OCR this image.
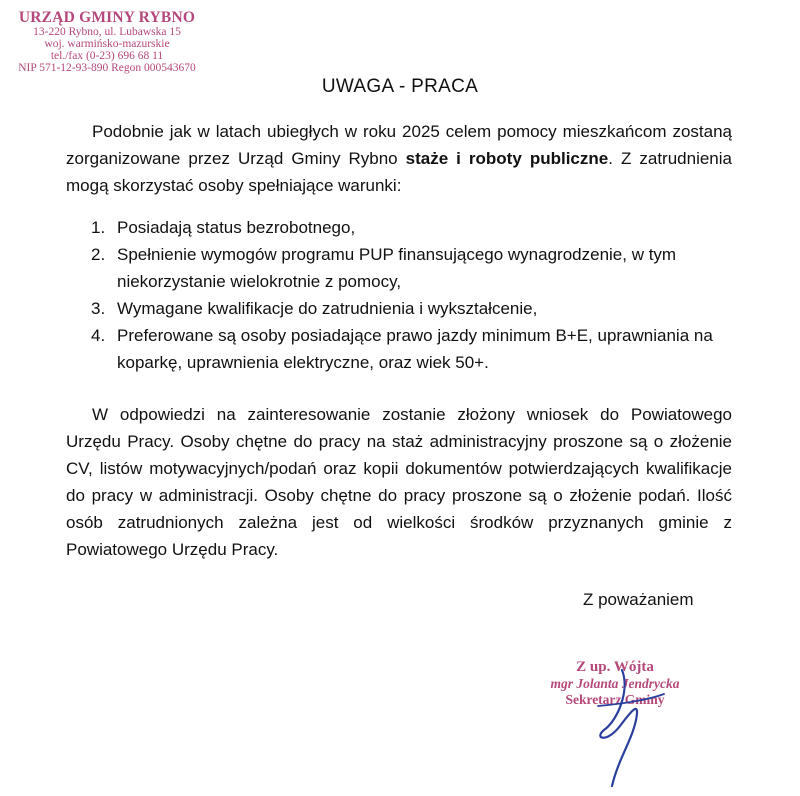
URZĄD GMINY RYBNO
13-220 Rybno, ul. Lubawska 15
woj. warmińsko-mazurskie
tel./fax (0-23) 696 68 11
NIP 571-12-93-890 Regon 000543670
UWAGA - PRACA
Podobnie jak w latach ubiegłych w roku 2025 celem pomocy mieszkańcom zostaną zorganizowane przez Urząd Gminy Rybno staże i roboty publiczne. Z zatrudnienia mogą skorzystać osoby spełniające warunki:
1. Posiadają status bezrobotnego,
2. Spełnienie wymogów programu PUP finansującego wynagrodzenie, w tym niekorzystanie wielokrotnie z pomocy,
3. Wymagane kwalifikacje do zatrudnienia i wykształcenie,
4. Preferowane są osoby posiadające prawo jazdy minimum B+E, uprawniania na koparkę, uprawnienia elektryczne, oraz wiek 50+.
W odpowiedzi na zainteresowanie zostanie złożony wniosek do Powiatowego Urzędu Pracy. Osoby chętne do pracy na staż administracyjny proszone są o złożenie CV, listów motywacyjnych/podań oraz kopii dokumentów potwierdzających kwalifikacje do pracy w administracji. Osoby chętne do pracy proszone są o złożenie podań. Ilość osób zatrudnionych zależna jest od wielkości środków przyznanych gminie z Powiatowego Urzędu Pracy.
Z poważaniem
Z up. Wójta
mgr Jolanta Jendrycka
Sekretarz Gminy
